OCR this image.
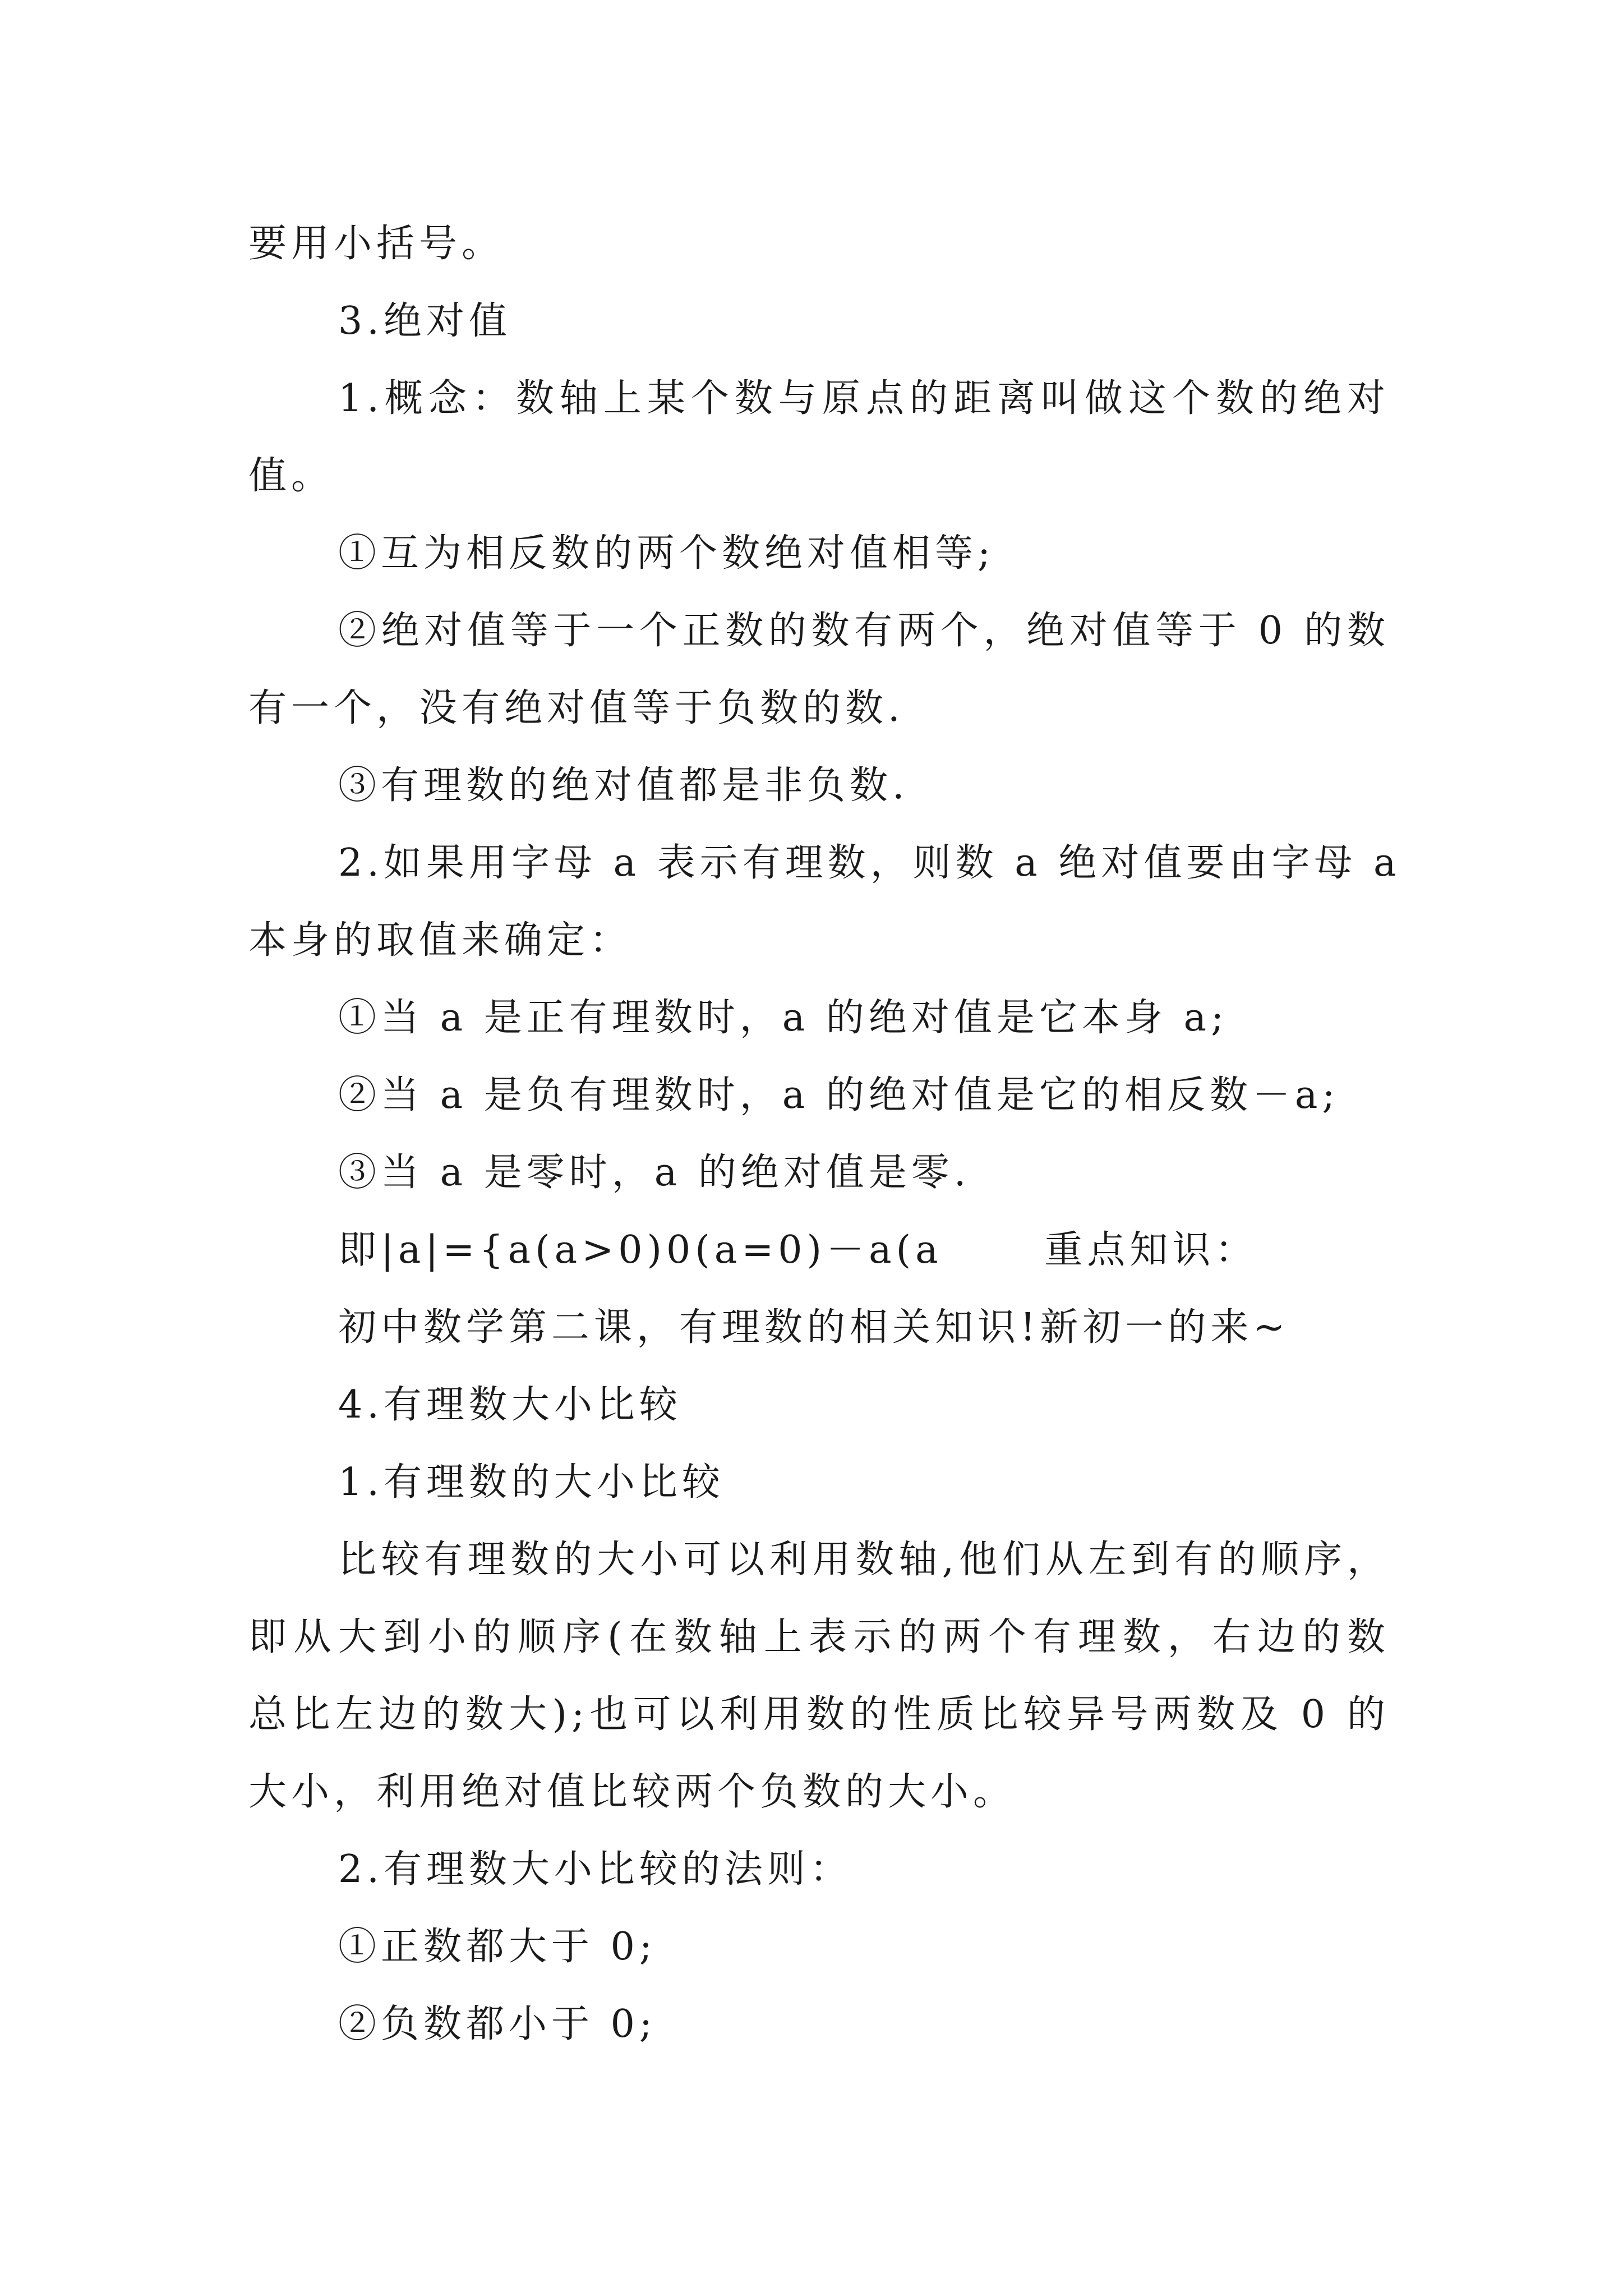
要用小括号。
3.绝对值
1.概念：数轴上某个数与原点的距离叫做这个数的绝对
值。
①互为相反数的两个数绝对值相等;
②绝对值等于一个正数的数有两个，绝对值等于 0 的数
有一个，没有绝对值等于负数的数.
③有理数的绝对值都是非负数.
2.如果用字母 a 表示有理数，则数 a 绝对值要由字母 a
本身的取值来确定：
①当 a 是正有理数时，a 的绝对值是它本身 a;
②当 a 是负有理数时，a 的绝对值是它的相反数－a;
③当 a 是零时，a 的绝对值是零.
即|a|={a(a>0)0(a=0)－a(a 　　重点知识：
初中数学第二课，有理数的相关知识!新初一的来~
4.有理数大小比较
1.有理数的大小比较
比较有理数的大小可以利用数轴,他们从左到有的顺序，
即从大到小的顺序(在数轴上表示的两个有理数，右边的数
总比左边的数大);也可以利用数的性质比较异号两数及 0 的
大小，利用绝对值比较两个负数的大小。
2.有理数大小比较的法则：
①正数都大于 0;
②负数都小于 0;
